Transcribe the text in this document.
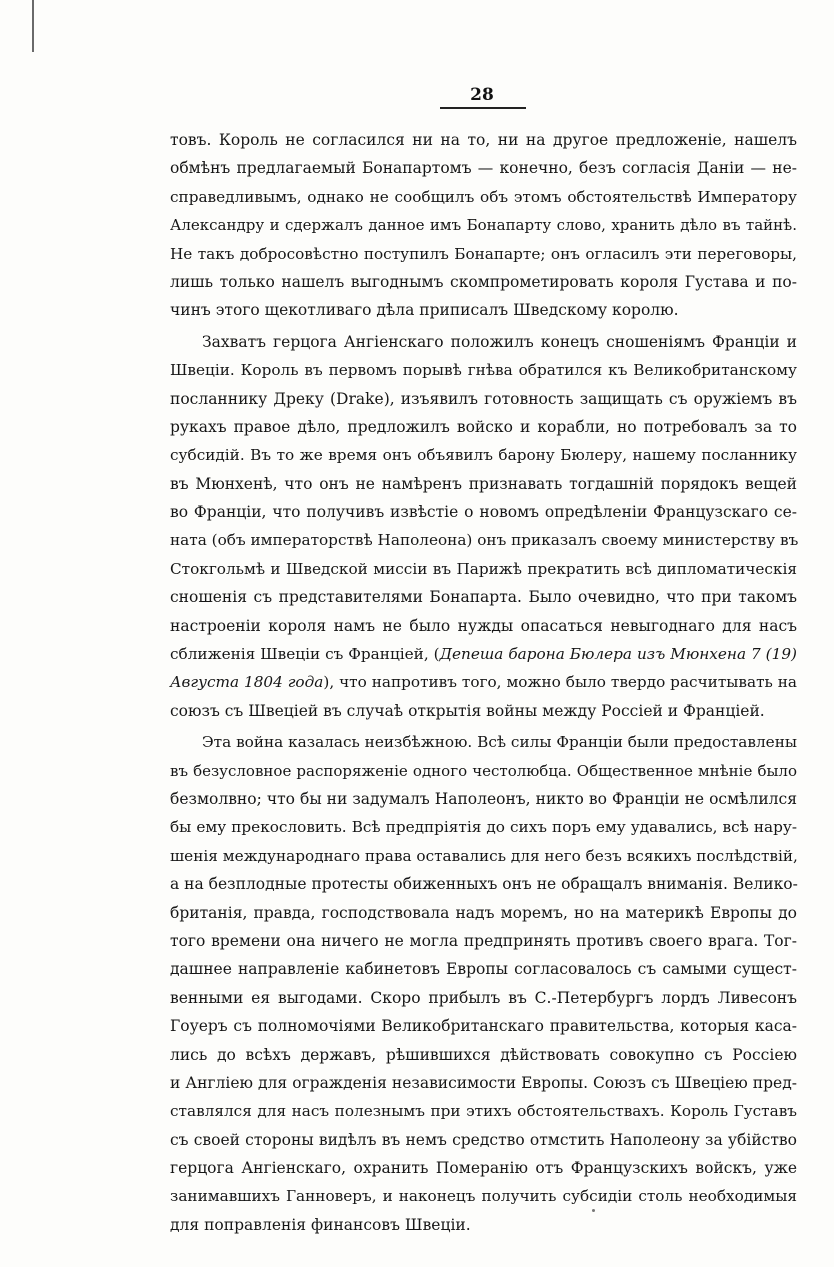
28
товъ. Король не согласился ни на то, ни на другое предложеніе, нашелъ
обмѣнъ предлагаемый Бонапартомъ — конечно, безъ согласія Даніи — не-
справедливымъ, однако не сообщилъ объ этомъ обстоятельствѣ Императору
Александру и сдержалъ данное имъ Бонапарту слово, хранить дѣло въ тайнѣ.
Не такъ добросовѣстно поступилъ Бонапарте; онъ огласилъ эти переговоры,
лишь только нашелъ выгоднымъ скомпрометировать короля Густава и по-
чинъ этого щекотливаго дѣла приписалъ Шведскому королю.
Захватъ герцога Ангіенскаго положилъ конецъ сношеніямъ Франціи и
Швеціи. Король въ первомъ порывѣ гнѣва обратился къ Великобританскому
посланнику Дреку (Drake), изъявилъ готовность защищать съ оружіемъ въ
рукахъ правое дѣло, предложилъ войско и корабли, но потребовалъ за то
субсидій. Въ то же время онъ объявилъ барону Бюлеру, нашему посланнику
въ Мюнхенѣ, что онъ не намѣренъ признавать тогдашній порядокъ вещей
во Франціи, что получивъ извѣстіе о новомъ опредѣленіи Французскаго се-
ната (объ императорствѣ Наполеона) онъ приказалъ своему министерству въ
Стокгольмѣ и Шведской миссіи въ Парижѣ прекратить всѣ дипломатическія
сношенія съ представителями Бонапарта. Было очевидно, что при такомъ
настроеніи короля намъ не было нужды опасаться невыгоднаго для насъ
сближенія Швеціи съ Франціей, (Депеша барона Бюлера изъ Мюнхена 7 (19)
Августа 1804 года), что напротивъ того, можно было твердо расчитывать на
союзъ съ Швеціей въ случаѣ открытія войны между Россіей и Франціей.
Эта война казалась неизбѣжною. Всѣ силы Франціи были предоставлены
въ безусловное распоряженіе одного честолюбца. Общественное мнѣніе было
безмолвно; что бы ни задумалъ Наполеонъ, никто во Франціи не осмѣлился
бы ему прекословить. Всѣ предпріятія до сихъ поръ ему удавались, всѣ нару-
шенія международнаго права оставались для него безъ всякихъ послѣдствій,
а на безплодные протесты обиженныхъ онъ не обращалъ вниманія. Велико-
британія, правда, господствовала надъ моремъ, но на материкѣ Европы до
того времени она ничего не могла предпринять противъ своего врага. Тог-
дашнее направленіе кабинетовъ Европы согласовалось съ самыми сущест-
венными ея выгодами. Скоро прибылъ въ С.-Петербургъ лордъ Ливесонъ
Гоуеръ съ полномочіями Великобританскаго правительства, которыя каса-
лись до всѣхъ державъ, рѣшившихся дѣйствовать совокупно съ Россіею
и Англіею для огражденія независимости Европы. Союзъ съ Швеціею пред-
ставлялся для насъ полезнымъ при этихъ обстоятельствахъ. Король Густавъ
съ своей стороны видѣлъ въ немъ средство отмстить Наполеону за убійство
герцога Ангіенскаго, охранить Померанію отъ Французскихъ войскъ, уже
занимавшихъ Ганноверъ, и наконецъ получить субсидіи столь необходимыя
для поправленія финансовъ Швеціи.
